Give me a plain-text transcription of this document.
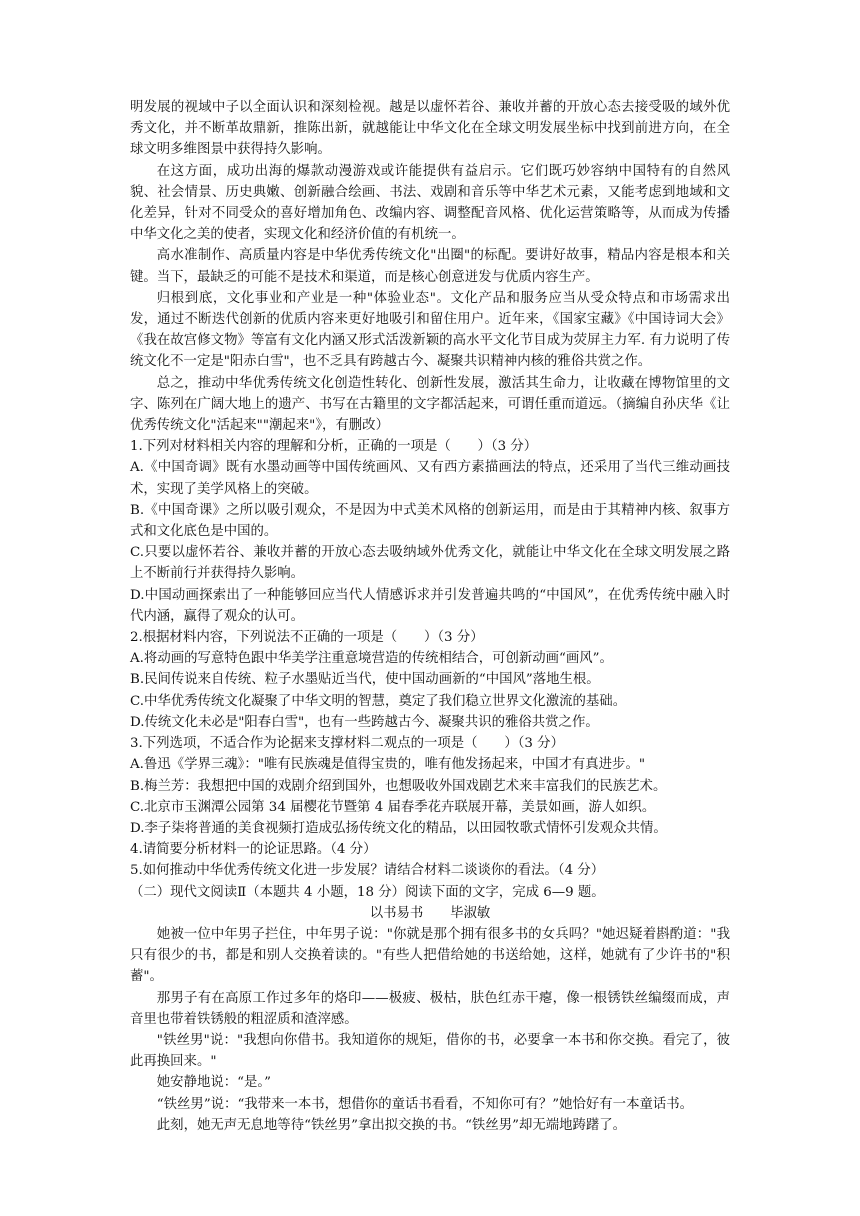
明发展的视域中子以全面认识和深刻检视。越是以虚怀若谷、兼收并蓄的开放心态去接受吸的域外优秀文化，并不断革故鼎新，推陈出新，就越能让中华文化在全球文明发展坐标中找到前进方向，在全球文明多维图景中获得持久影响。

在这方面，成功出海的爆款动漫游戏或许能提供有益启示。它们既巧妙容纳中国特有的自然风貌、社会情景、历史典嫩、创新融合绘画、书法、戏剧和音乐等中华艺术元素，又能考虑到地域和文化差异，针对不同受众的喜好增加角色、改编内容、调整配音风格、优化运营策略等，从而成为传播中华文化之美的使者，实现文化和经济价值的有机统一。

高水准制作、高质量内容是中华优秀传统文化"出圈"的标配。要讲好故事，精品内容是根本和关键。当下，最缺乏的可能不是技术和渠道，而是核心创意迸发与优质内容生产。

归根到底，文化事业和产业是一种"体验业态"。文化产品和服务应当从受众特点和市场需求出发，通过不断迭代创新的优质内容来更好地吸引和留住用户。近年来，《国家宝藏》《中国诗词大会》《我在故宫修文物》等富有文化内涵又形式活泼新颖的高水平文化节目成为荧屏主力军. 有力说明了传统文化不一定是"阳赤白雪"，也不乏具有跨越古今、凝聚共识精神内核的雅俗共赏之作。

总之，推动中华优秀传统文化创造性转化、创新性发展，激活其生命力，让收藏在博物馆里的文字、陈列在广阔大地上的遗产、书写在古籍里的文字都活起来，可谓任重而道远。（摘编自孙庆华《让优秀传统文化"活起来""潮起来"》，有删改）

1.下列对材料相关内容的理解和分析，正确的一项是（　　）（3 分）

A.《中国奇调》既有水墨动画等中国传统画风、又有西方素描画法的特点，还采用了当代三维动画技术，实现了美学风格上的突破。

B.《中国奇课》之所以吸引观众，不是因为中式美术风格的创新运用，而是由于其精神内核、叙事方式和文化底色是中国的。

C.只要以虚怀若谷、兼收并蓄的开放心态去吸纳域外优秀文化，就能让中华文化在全球文明发展之路上不断前行并获得持久影响。

D.中国动画探索出了一种能够回应当代人情感诉求并引发普遍共鸣的“中国风”，在优秀传统中融入时代内涵，赢得了观众的认可。

2.根据材料内容，下列说法不正确的一项是（　　）（3 分）

A.将动画的写意特色跟中华美学注重意境营造的传统相结合，可创新动画“画风”。

B.民间传说来自传统、粒子水墨贴近当代，使中国动画新的“中国风”落地生根。

C.中华优秀传统文化凝聚了中华文明的智慧，奠定了我们稳立世界文化激流的基础。

D.传统文化未必是"阳春白雪"，也有一些跨越古今、凝聚共识的雅俗共赏之作。

3.下列选项，不适合作为论据来支撑材料二观点的一项是（　　）（3 分）

A.鲁迅《学界三魂》："唯有民族魂是值得宝贵的，唯有他发扬起来，中国才有真进步。"

B.梅兰芳：我想把中国的戏剧介绍到国外，也想吸收外国戏剧艺术来丰富我们的民族艺术。

C.北京市玉渊潭公园第 34 届樱花节暨第 4 届春季花卉联展开幕，美景如画，游人如织。

D.李子柒将普通的美食视频打造成弘扬传统文化的精品，以田园牧歌式情怀引发观众共情。

4.请简要分析材料一的论证思路。（4 分）

5.如何推动中华优秀传统文化进一步发展？请结合材料二谈谈你的看法。（4 分）

（二）现代文阅读Ⅱ（本题共 4 小题，18 分）阅读下面的文字，完成 6—9 题。

以书易书　　毕淑敏

她被一位中年男子拦住，中年男子说："你就是那个拥有很多书的女兵吗？"她迟疑着斟酌道："我只有很少的书，都是和别人交换着读的。"有些人把借给她的书送给她，这样，她就有了少许书的"积蓄"。

那男子有在高原工作过多年的烙印——极疲、极枯，肤色红赤干瘪，像一根锈铁丝编缀而成，声音里也带着铁锈般的粗涩质和渣滓感。

"铁丝男"说："我想向你借书。我知道你的规矩，借你的书，必要拿一本书和你交换。看完了，彼此再换回来。"

她安静地说：“是。”

“铁丝男”说：“我带来一本书，想借你的童话书看看，不知你可有？”她恰好有一本童话书。

此刻，她无声无息地等待“铁丝男”拿出拟交换的书。“铁丝男”却无端地踌躇了。
